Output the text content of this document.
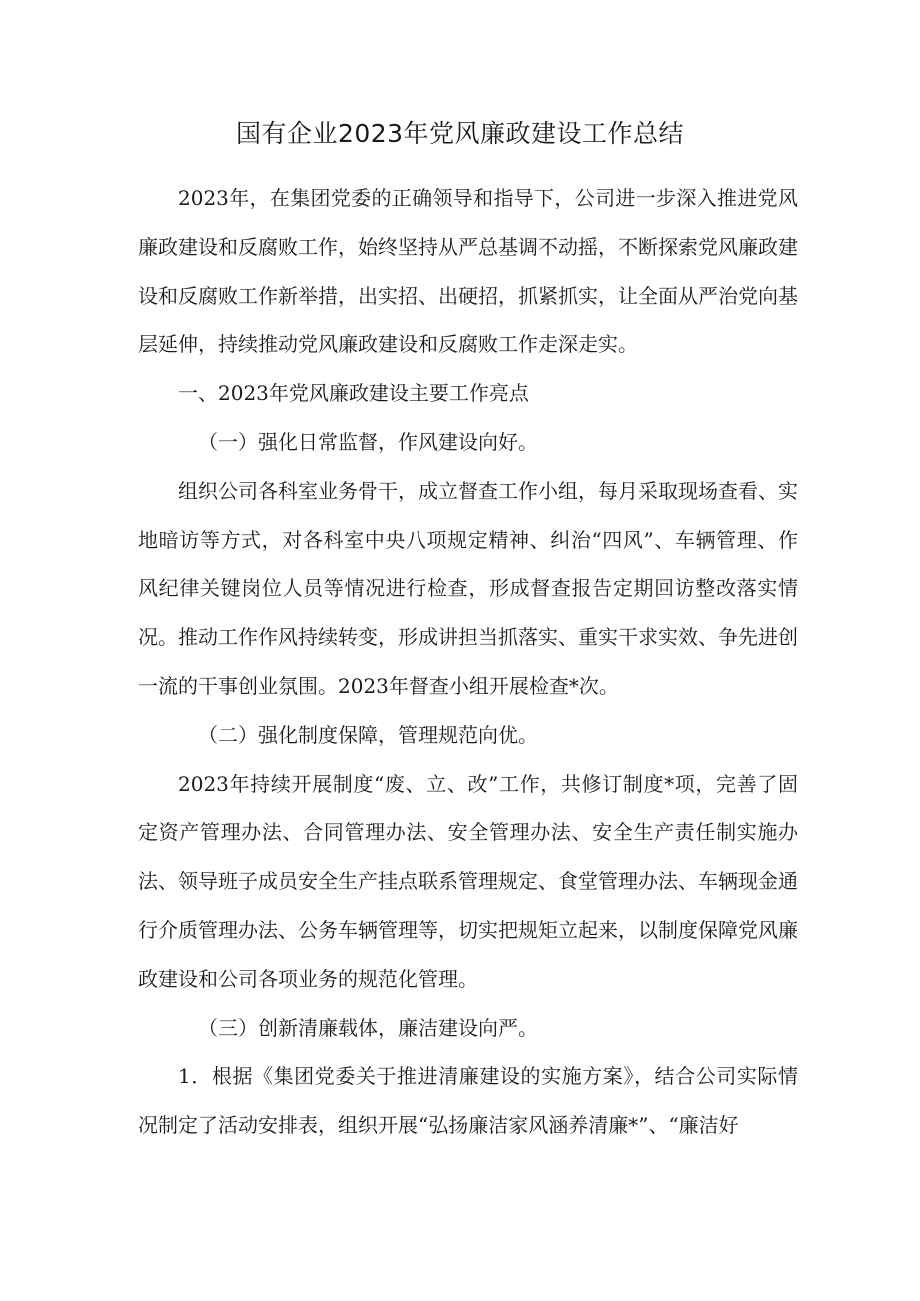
国有企业2023年党风廉政建设工作总结

2023年，在集团党委的正确领导和指导下，公司进一步深入推进党风廉政建设和反腐败工作，始终坚持从严总基调不动摇，不断探索党风廉政建设和反腐败工作新举措，出实招、出硬招，抓紧抓实，让全面从严治党向基层延伸，持续推动党风廉政建设和反腐败工作走深走实。

一、2023年党风廉政建设主要工作亮点

（一）强化日常监督，作风建设向好。

组织公司各科室业务骨干，成立督查工作小组，每月采取现场查看、实地暗访等方式，对各科室中央八项规定精神、纠治“四风”、车辆管理、作风纪律关键岗位人员等情况进行检查，形成督查报告定期回访整改落实情况。推动工作作风持续转变，形成讲担当抓落实、重实干求实效、争先进创一流的干事创业氛围。2023年督查小组开展检查*次。

（二）强化制度保障，管理规范向优。

2023年持续开展制度“废、立、改”工作，共修订制度*项，完善了固定资产管理办法、合同管理办法、安全管理办法、安全生产责任制实施办法、领导班子成员安全生产挂点联系管理规定、食堂管理办法、车辆现金通行介质管理办法、公务车辆管理等，切实把规矩立起来，以制度保障党风廉政建设和公司各项业务的规范化管理。

（三）创新清廉载体，廉洁建设向严。

1．根据《集团党委关于推进清廉建设的实施方案》，结合公司实际情况制定了活动安排表，组织开展“弘扬廉洁家风涵养清廉*”、“廉洁好
